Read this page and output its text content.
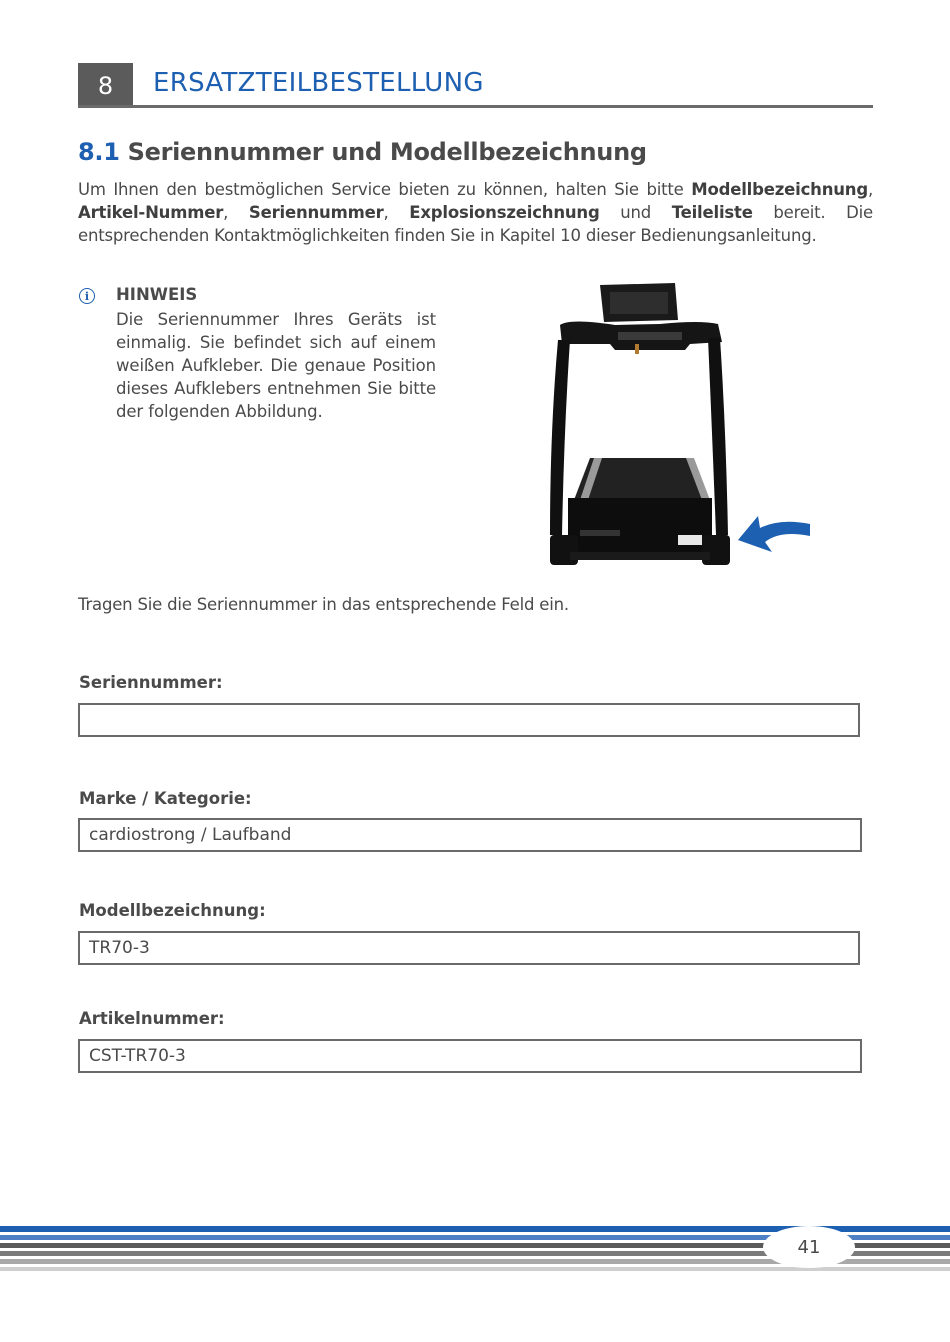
8	ERSATZTEILBESTELLUNG
8.1 Seriennummer und Modellbezeichnung
Um Ihnen den bestmöglichen Service bieten zu können, halten Sie bitte Modellbezeichnung, Artikel-Nummer, Seriennummer, Explosionszeichnung und Teileliste bereit. Die entsprechenden Kontaktmöglichkeiten finden Sie in Kapitel 10 dieser Bedienungsanleitung.
i	HINWEIS
Die Seriennummer Ihres Geräts ist einmalig. Sie befindet sich auf einem weißen Aufkleber. Die genaue Position dieses Aufklebers entnehmen Sie bitte der folgenden Abbildung.
Tragen Sie die Seriennummer in das entsprechende Feld ein.
Seriennummer:
Marke / Kategorie:
cardiostrong / Laufband
Modellbezeichnung:
TR70-3
Artikelnummer:
CST-TR70-3
41
